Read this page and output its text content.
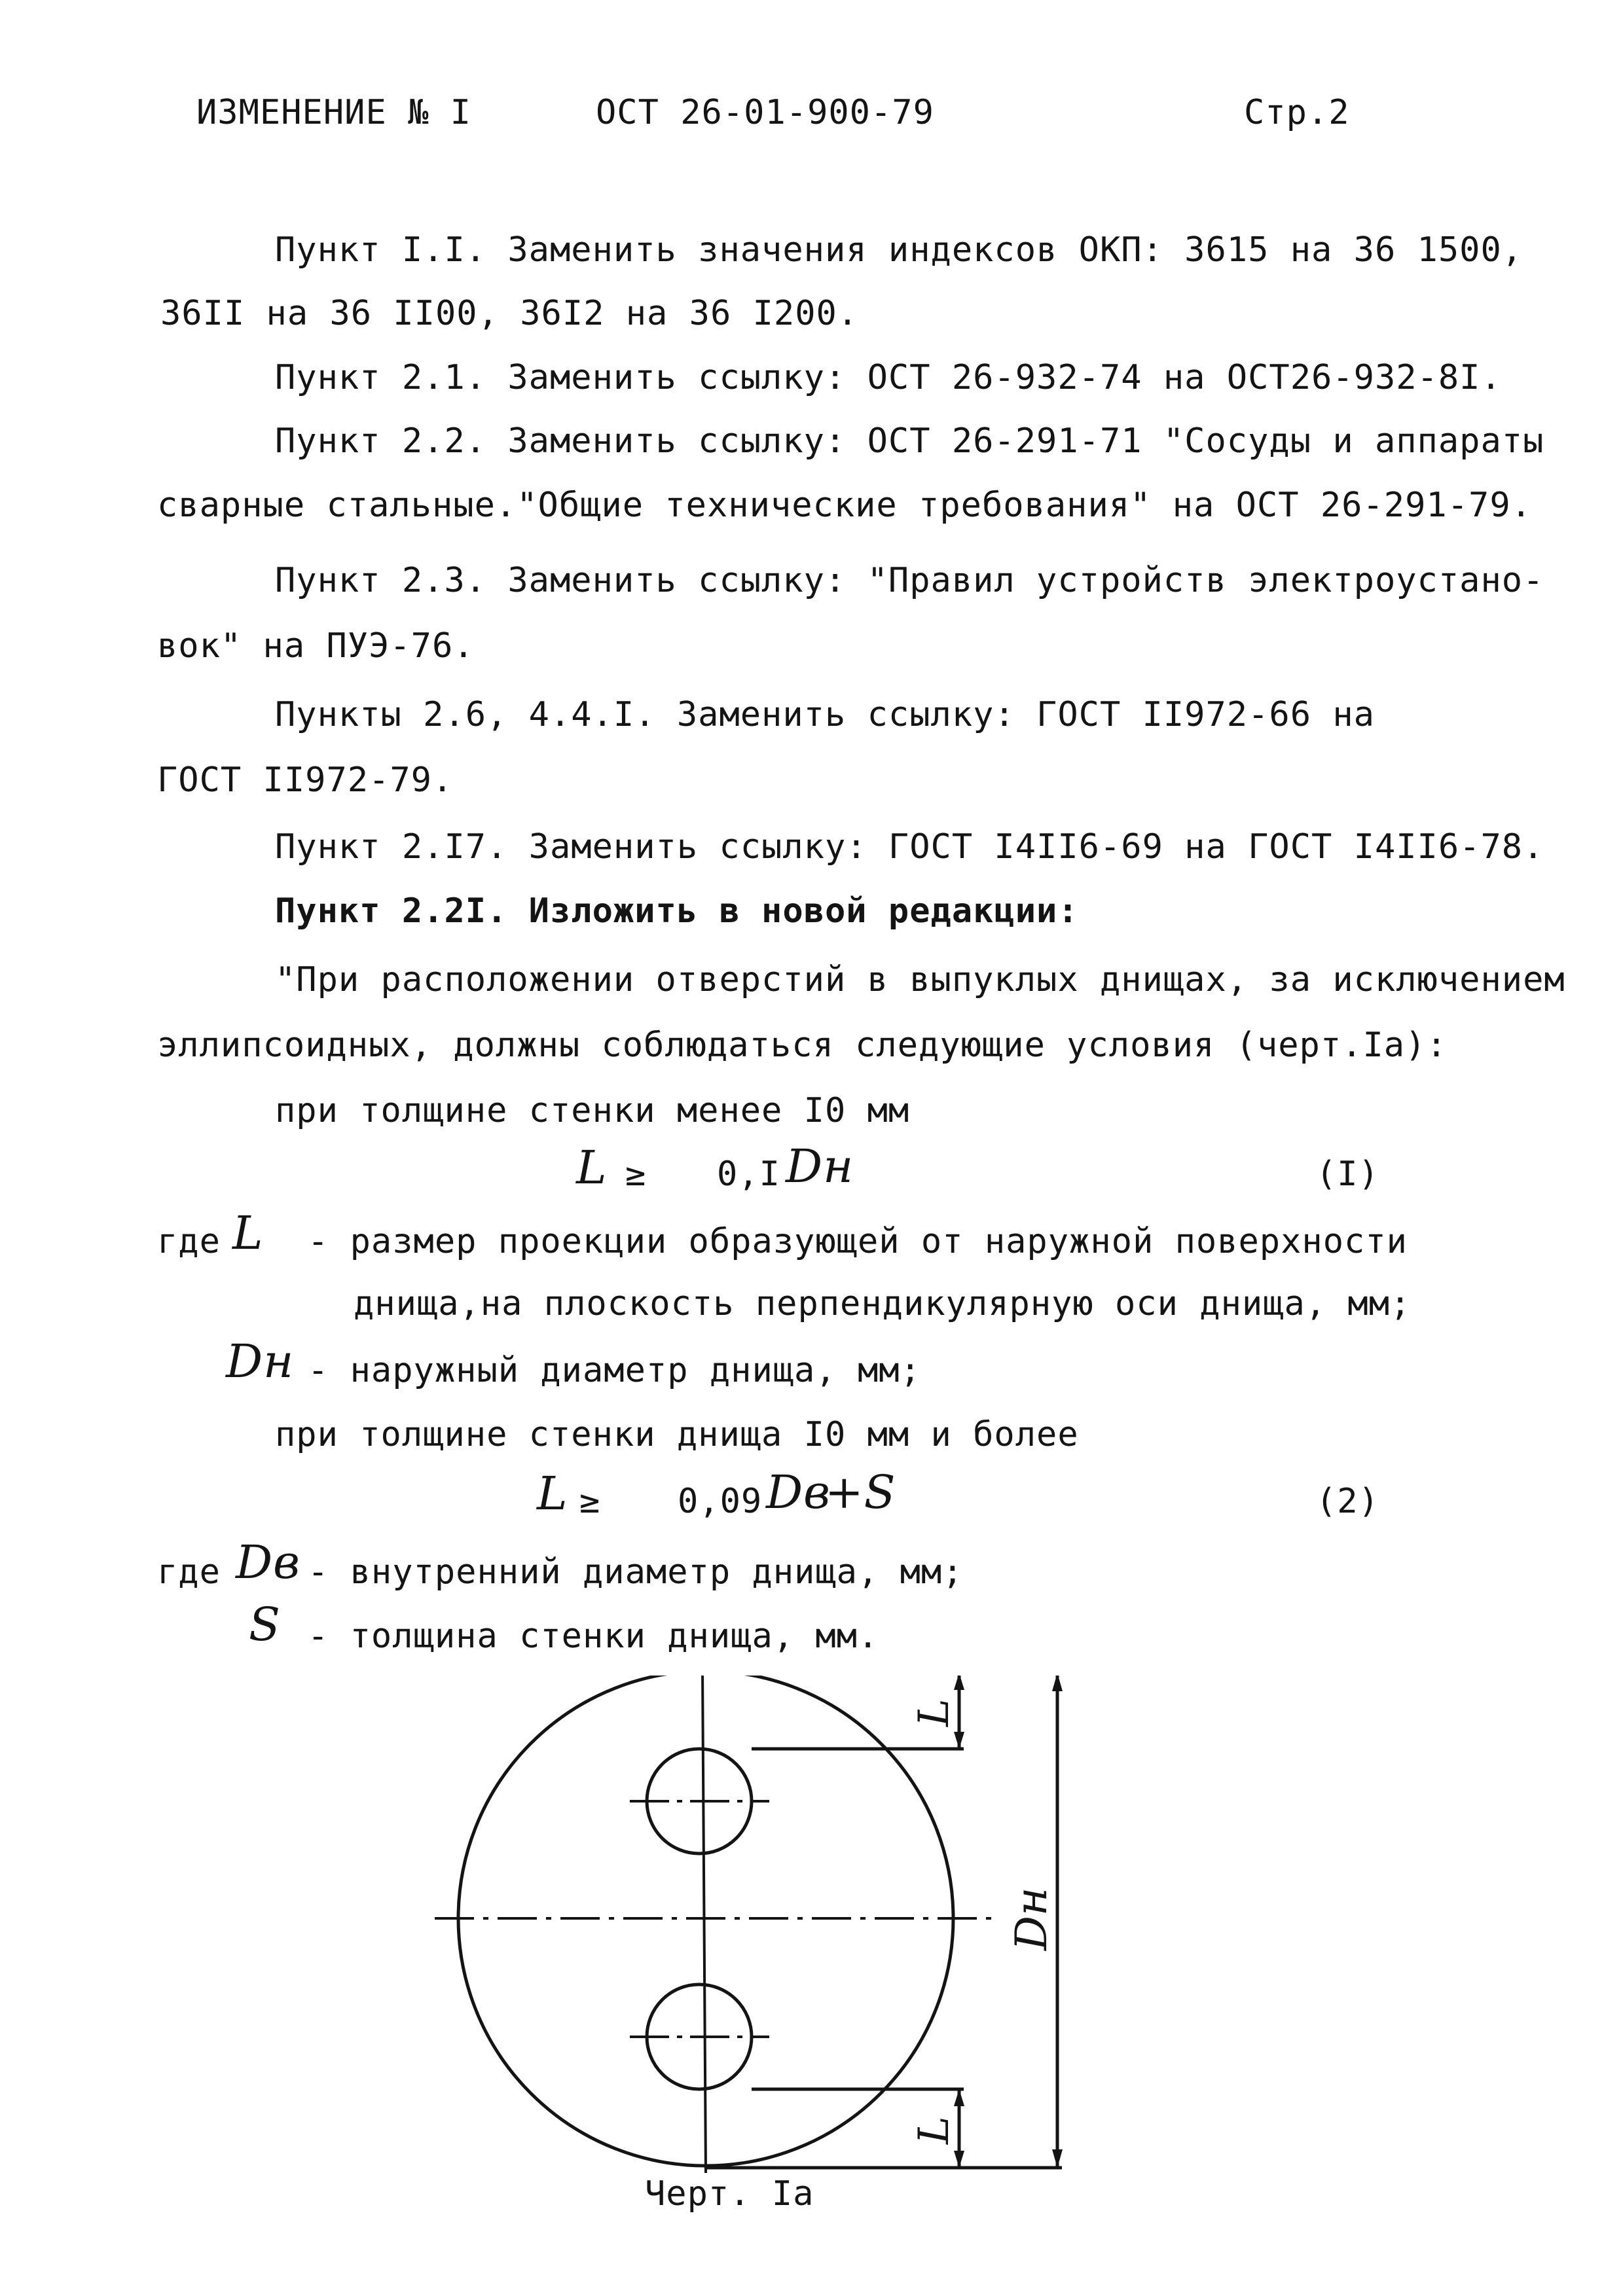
ИЗМЕНЕНИЕ № I	ОСТ 26-01-900-79	Стр.2
Пункт I.I. Заменить значения индексов ОКП: 3615 на 36 1500,
36II на 36 II00, 36I2 на 36 I200.
Пункт 2.1. Заменить ссылку: ОСТ 26-932-74 на ОСТ26-932-8I.
Пункт 2.2. Заменить ссылку: ОСТ 26-291-71 "Сосуды и аппараты
сварные стальные."Общие технические требования" на ОСТ 26-291-79.
Пункт 2.3. Заменить ссылку: "Правил устройств электроустано-
вок" на ПУЭ-76.
Пункты 2.6, 4.4.I. Заменить ссылку: ГОСТ II972-66 на
ГОСТ II972-79.
Пункт 2.I7. Заменить ссылку: ГОСТ I4II6-69 на ГОСТ I4II6-78.
Пункт 2.2I. Изложить в новой редакции:
"При расположении отверстий в выпуклых днищах, за исключением
эллипсоидных, должны соблюдаться следующие условия (черт.Iа):
при толщине стенки менее I0 мм
L ≥ 0,I Dн	(I)
где L - размер проекции образующей от наружной поверхности
днища,на плоскость перпендикулярную оси днища, мм;
Dн - наружный диаметр днища, мм;
при толщине стенки днища I0 мм и более
L ≥ 0,09 Dв
+S	(2)
где Dв - внутренний диаметр днища, мм;
S - толщина стенки днища, мм.
L
L
Dн
Черт. Iа
